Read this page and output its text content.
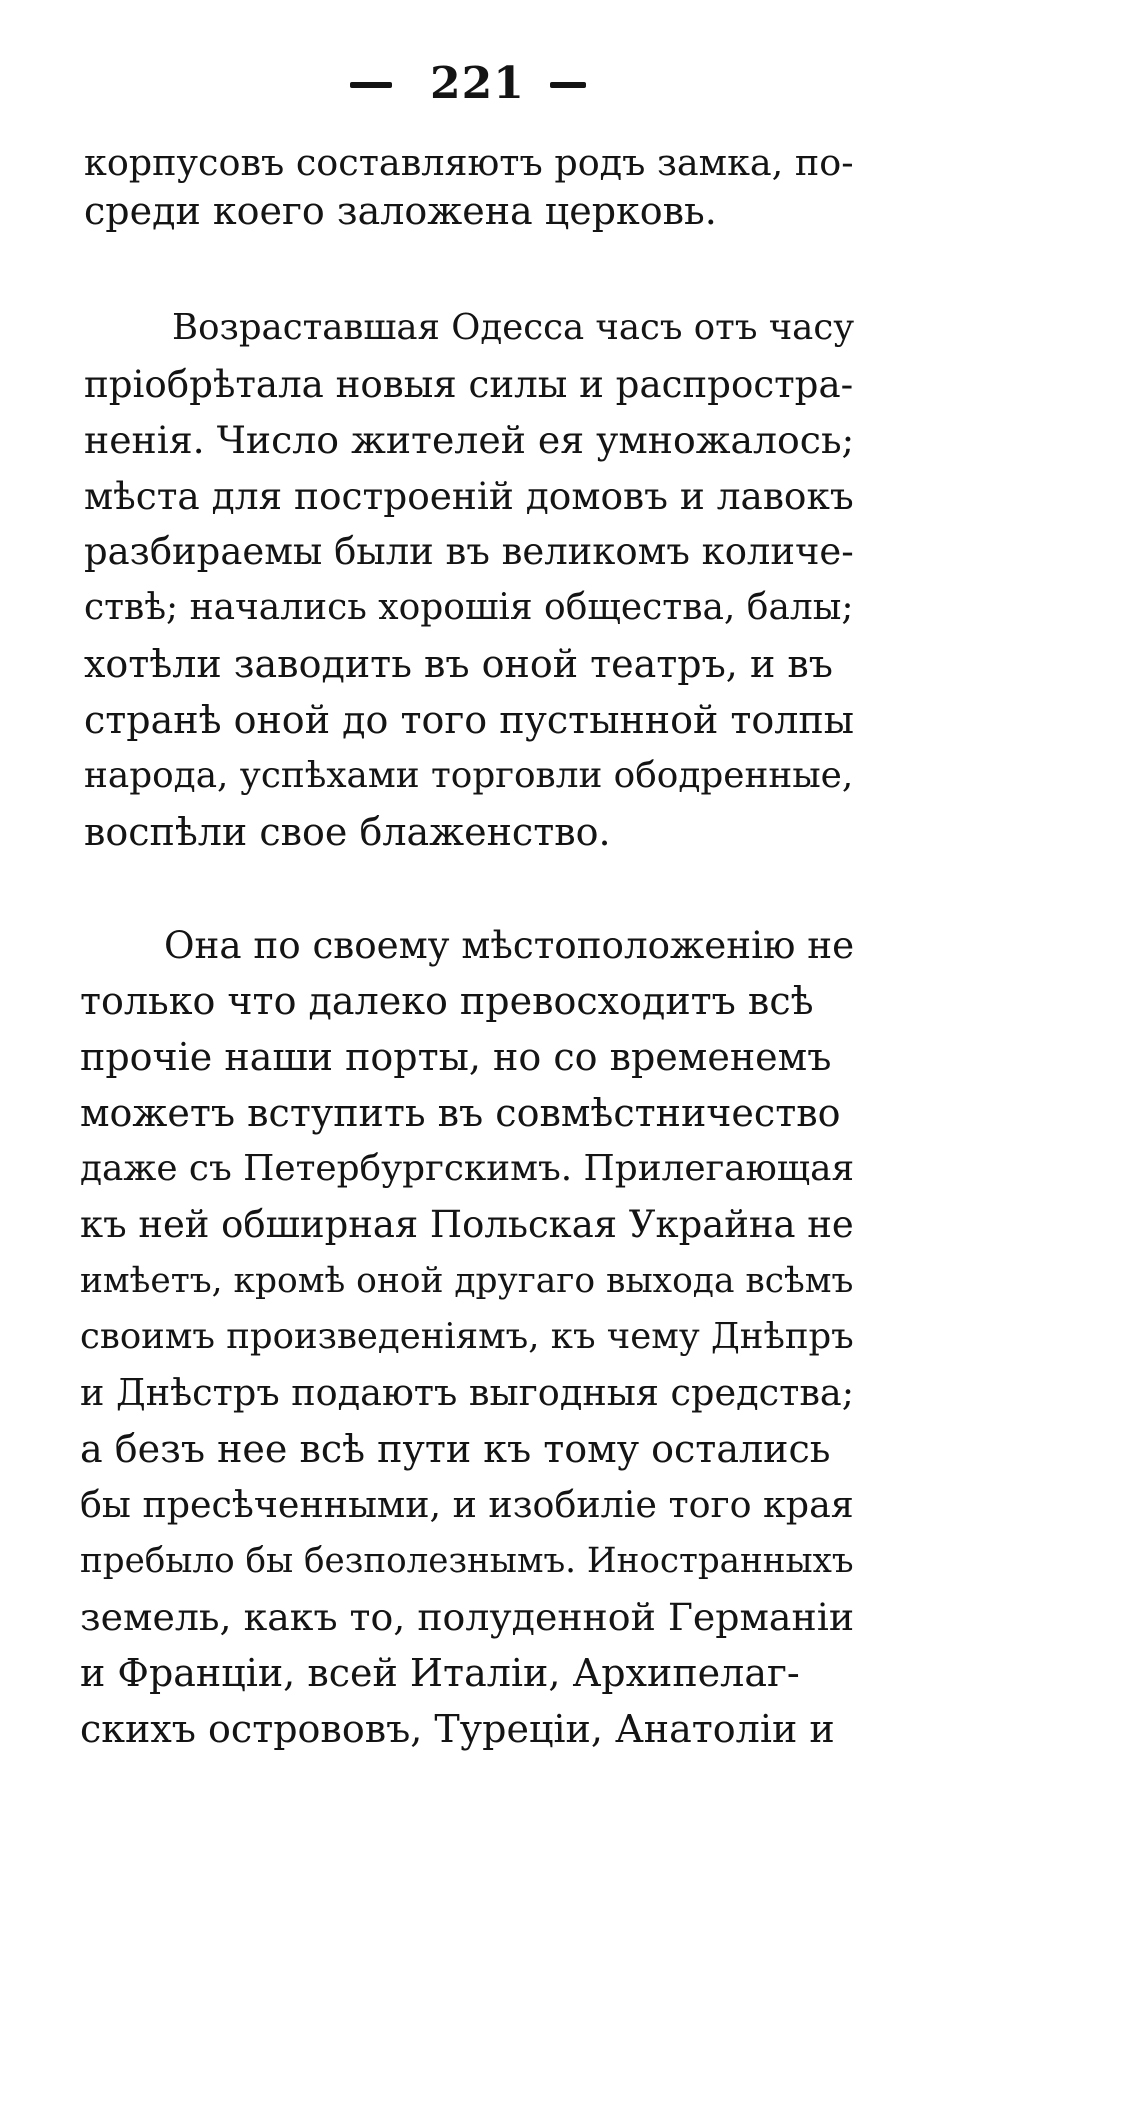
221
корпусовъ составляютъ родъ замка, по-
среди коего заложена церковь.
Возраставшая Одесса часъ отъ часу
прiобрѣтала новыя силы и распростра-
ненiя. Число жителей ея умножалось;
мѣста для построенiй домовъ и лавокъ
разбираемы были въ великомъ количе-
ствѣ; начались хорошiя общества, балы;
хотѣли заводить въ оной театръ, и въ
странѣ оной до того пустынной толпы
народа, успѣхами торговли ободренные,
воспѣли свое блаженство.
Она по своему мѣстоположенiю не
только что далеко превосходитъ всѣ
прочiе наши порты, но со временемъ
можетъ вступить въ совмѣстничество
даже съ Петербургскимъ. Прилегающая
къ ней обширная Польская Украйна не
имѣетъ, кромѣ оной другаго выхода всѣмъ
своимъ произведенiямъ, къ чему Днѣпръ
и Днѣстръ подаютъ выгодныя средства;
а безъ нее всѣ пути къ тому остались
бы пресѣченными, и изобилiе того края
пребыло бы безполезнымъ. Иностранныхъ
земель, какъ то, полуденной Германiи
и Францiи, всей Италiи, Архипелаг-
скихъ острововъ, Турецiи, Анатолiи и
